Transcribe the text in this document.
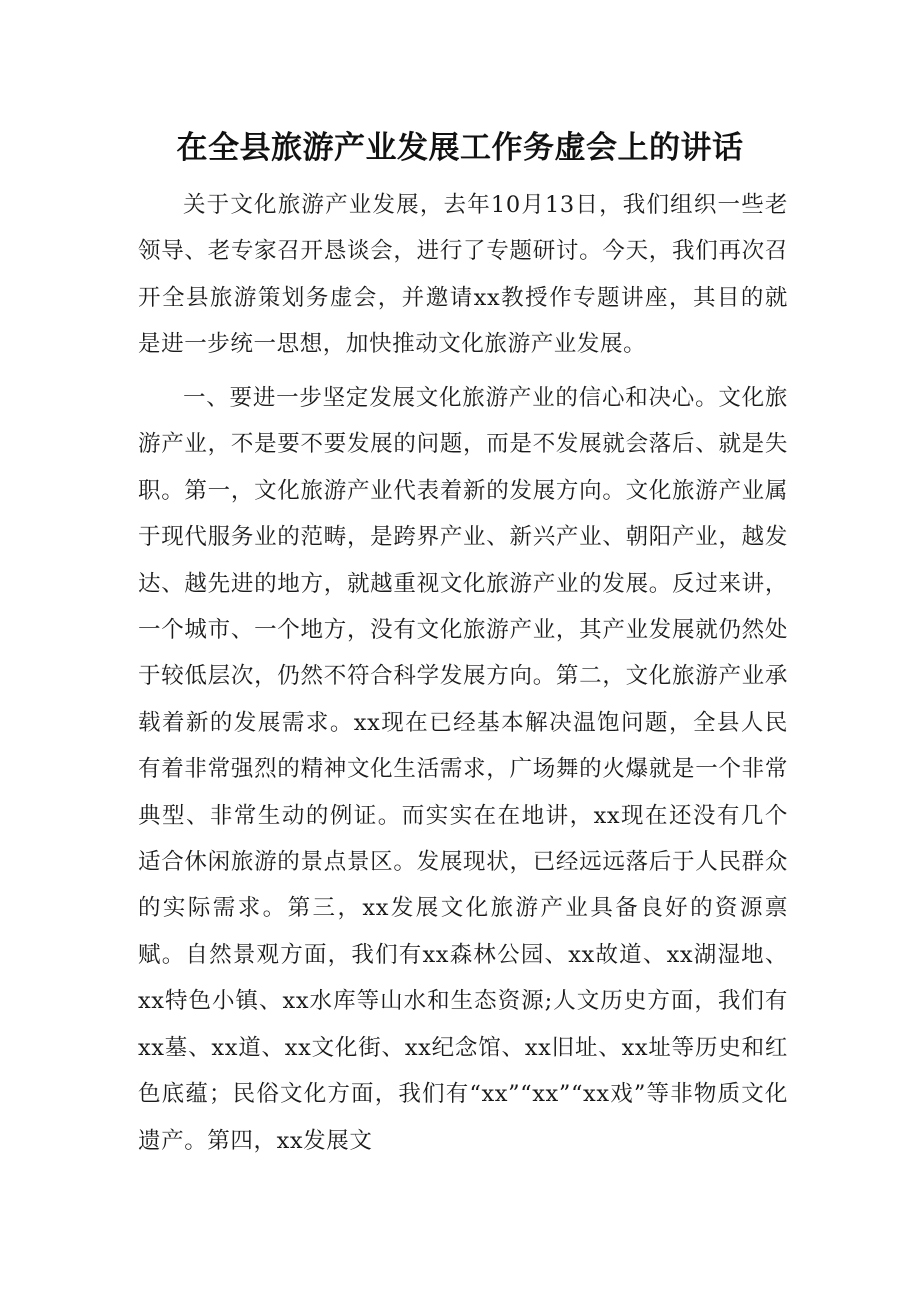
在全县旅游产业发展工作务虚会上的讲话

关于文化旅游产业发展，去年10月13日，我们组织一些老领导、老专家召开恳谈会，进行了专题研讨。今天，我们再次召开全县旅游策划务虚会，并邀请xx教授作专题讲座，其目的就是进一步统一思想，加快推动文化旅游产业发展。

一、要进一步坚定发展文化旅游产业的信心和决心。文化旅游产业，不是要不要发展的问题，而是不发展就会落后、就是失职。第一，文化旅游产业代表着新的发展方向。文化旅游产业属于现代服务业的范畴，是跨界产业、新兴产业、朝阳产业，越发达、越先进的地方，就越重视文化旅游产业的发展。反过来讲，一个城市、一个地方，没有文化旅游产业，其产业发展就仍然处于较低层次，仍然不符合科学发展方向。第二，文化旅游产业承载着新的发展需求。xx现在已经基本解决温饱问题，全县人民有着非常强烈的精神文化生活需求，广场舞的火爆就是一个非常典型、非常生动的例证。而实实在在地讲，xx现在还没有几个适合休闲旅游的景点景区。发展现状，已经远远落后于人民群众的实际需求。第三，xx发展文化旅游产业具备良好的资源禀赋。自然景观方面，我们有xx森林公园、xx故道、xx湖湿地、xx特色小镇、xx水库等山水和生态资源;人文历史方面，我们有xx墓、xx道、xx文化街、xx纪念馆、xx旧址、xx址等历史和红色底蕴；民俗文化方面，我们有“xx”“xx”“xx戏”等非物质文化遗产。第四，xx发展文
